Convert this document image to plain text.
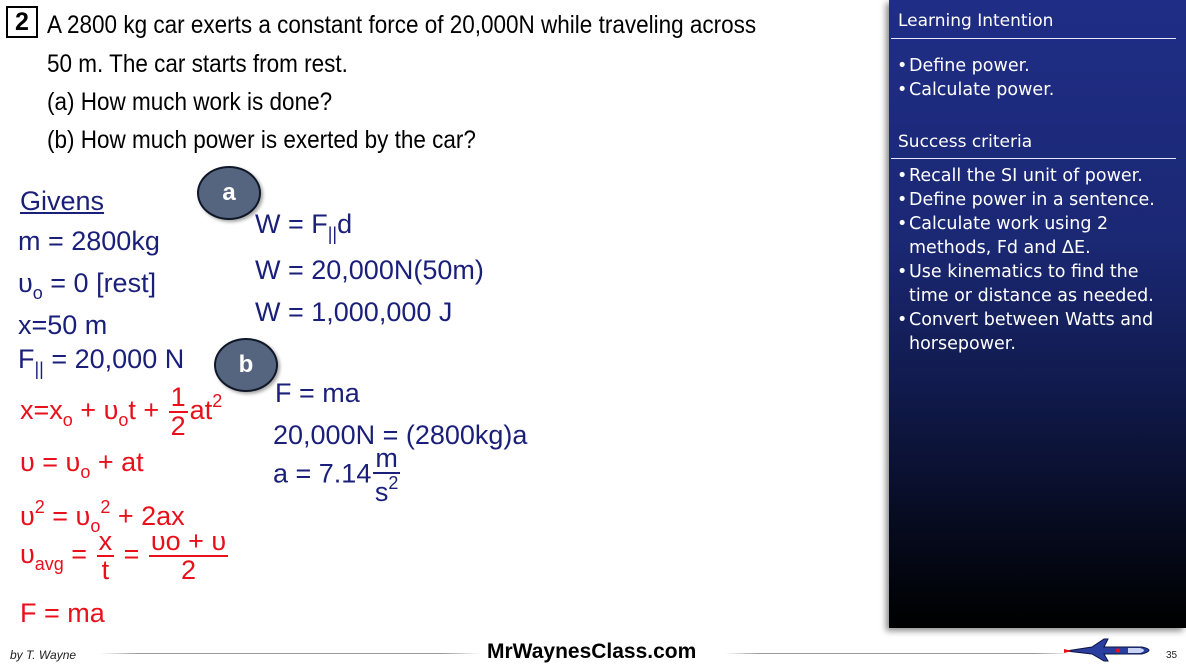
2 A 2800 kg car exerts a constant force of 20,000N while traveling across
50 m. The car starts from rest.
(a) How much work is done?
(b) How much power is exerted by the car?
Givens
m = 2800kg
$\upsilon_o = 0$ [rest]
x=50 m
$F_{||} = 20,000$ N
$x=x_o + \upsilon_ot + \frac{1}{2} at^2$
$\upsilon = \upsilon_o$ + at
$\upsilon^2 = \upsilon_o^2 + 2ax$
$\upsilon_{avg} = \frac{x}{t} = \frac{\upsilon o + \upsilon}{2}$
F = ma
a
$W = F_{||}d$
W = 20,000N(50m)
W = 1,000,000 J
b
F = ma
20,000N = (2800kg)a
$a = 7.14 \frac{m}{s^2}$
Learning Intention
• Define power.
• Calculate power.
Success criteria
• Recall the SI unit of power.
• Define power in a sentence.
• Calculate work using 2 methods, Fd and ΔE.
• Use kinematics to find the time or distance as needed.
• Convert between Watts and horsepower.
by T. Wayne	MrWaynesClass.com	35
